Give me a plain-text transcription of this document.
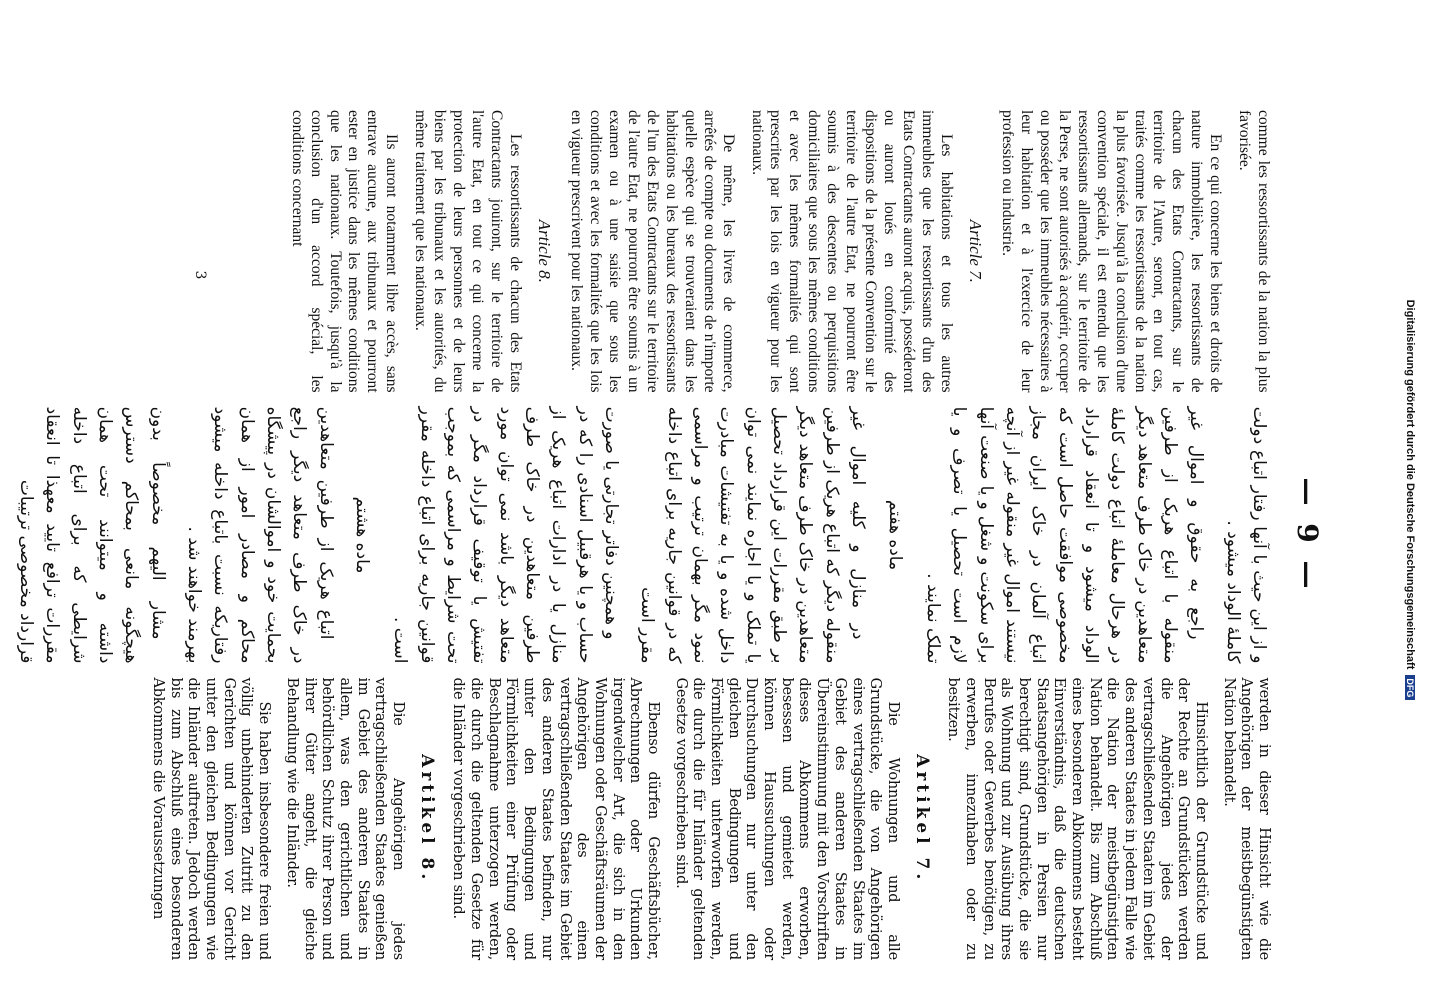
— 9 —

comme les ressortissants de la nation la plus favorisée.

En ce qui concerne les biens et droits de nature immobilière, les ressortissants de chacun des Etats Contractants, sur le territoire de l'Autre, seront, en tout cas, traités comme les ressortissants de la nation la plus favorisée. Jusqu'à la conclusion d'une convention spéciale, il est entendu que les ressortissants allemands, sur le territoire de la Perse, ne sont autorisés à acquérir, occuper ou posséder que les immeubles nécessaires à leur habitation et à l'exercice de leur profession ou industrie.

Article 7.

Les habitations et tous les autres immeubles que les ressortissants d'un des Etats Contractants auront acquis, posséderont ou auront loués en conformité des dispositions de la présente Convention sur le territoire de l'autre Etat, ne pourront être soumis à des descentes ou perquisitions domiciliaires que sous les mêmes conditions et avec les mêmes formalités qui sont prescrites par les lois en vigueur pour les nationaux.

De même, les livres de commerce, arrêtés de compte ou documents de n'importe quelle espèce qui se trouveraient dans les habitations ou les bureaux des ressortissants de l'un des Etats Contractants sur le territoire de l'autre Etat, ne pourront être soumis à un examen ou à une saisie que sous les conditions et avec les formalités que les lois en vigueur prescrivent pour les nationaux.

Article 8.

Les ressortissants de chacun des Etats Contractants jouiront, sur le territoire de l'autre Etat, en tout ce qui concerne la protection de leurs personnes et de leurs biens par les tribunaux et les autorités, du même traitement que les nationaux.

Ils auront notamment libre accès, sans entrave aucune, aux tribunaux et pourront ester en justice dans les mêmes conditions que les nationaux. Toutefois, jusqu'à la conclusion d'un accord spécial, les conditions concernant

و از این حیث با آنها رفتار اتباع دولت کاملهٔ الوداد میشود .

راجع به حقوق و اموال غیر منقوله با اتباع هریک از طرفین متعاهدین در خاک طرف متعاهد دیگر در هرحال معاملهٔ اتباع دولت کاملهٔ الوداد میشود و تا انعقاد قرارداد مخصوصی موافقت حاصل است که اتباع آلمان در خاک ایران مجاز نیستند اموال غیر منقوله غیر از آنچه برای سکونت و شغل و یا صنعت آنها لازم است تحصیل یا تصرف و یا تملک نمایند .

ماده هفتم

در منازل و کلیه اموال غیر منقوله دیگر که اتباع هریک از طرفین متعاهدین در خاک طرف متعاهد دیگر بر طبق مقررات این قرارداد تحصیل یا تملک و یا اجاره نمایند نمی توان داخل شده و یا به تفتیشات مبادرت نمود مگر بهمان ترتیب و مراسمی که در قوانین جاریه برای اتباع داخله مقرر است

و همچنین دفاتر تجارتی یا صورت حساب و یا هرقبیل اسنادی را که در منازل یا در ادارات اتباع هریک از طرفین متعاهدین در خاک طرف متعاهد دیگر باشد نمی توان مورد تفتیش یا توقیف قرارداد مگر در تحت شرایط و مراسمی که بموجب قوانین جاریه برای اتباع داخله مقرر است .

ماده هشتم

اتباع هریک از طرفین متعاهدین در خاک طرف متعاهد دیگر راجع بحمایت خود و اموالشان در پیشگاه محاکم و مصادر امور از همان رفتاریکه نسبت باتباع داخله میشود بهرمند خواهند شد .

مشار الیهم مخصوصاً بدون هیچگونه مانعی بمحاکم دسترس داشته و میتوانند تحت همان شرایطی که برای اتباع داخله مقررات ترافع تایید معهذا تا انعقاد قرارداد مخصوصی ترتیبات

werden in dieser Hinsicht wie die Angehörigen der meistbegünstigten Nation behandelt.

Hinsichtlich der Grundstücke und der Rechte an Grundstücken werden die Angehörigen jedes der vertragschließenden Staaten im Gebiet des anderen Staates in jedem Falle wie die Nation der meistbegünstigten Nation behandelt. Bis zum Abschluß eines besonderen Abkommens besteht Einverständnis, daß die deutschen Staatsangehörigen in Persien nur berechtigt sind, Grundstücke, die sie als Wohnung und zur Ausübung ihres Berufes oder Gewerbes benötigen, zu erwerben, innezuhaben oder zu besitzen.

Artikel 7.

Die Wohnungen und alle Grundstücke, die von Angehörigen eines vertragschließenden Staates im Gebiet des anderen Staates in Übereinstimmung mit den Vorschriften dieses Abkommens erworben, besessen und gemietet werden, können Haussuchungen oder Durchsuchungen nur unter den gleichen Bedingungen und Förmlichkeiten unterworfen werden, die durch die für Inländer geltenden Gesetze vorgeschrieben sind.

Ebenso dürfen Geschäftsbücher, Abrechnungen oder Urkunden irgendwelcher Art, die sich in den Wohnungen oder Geschäftsräumen der Angehörigen des einen vertragschließenden Staates im Gebiet des anderen Staates befinden, nur unter den Bedingungen und Förmlichkeiten einer Prüfung oder Beschlagnahme unterzogen werden, die durch die geltenden Gesetze für die Inländer vorgeschrieben sind.

Artikel 8.

Die Angehörigen jedes vertragschließenden Staates genießen im Gebiet des anderen Staates in allem, was den gerichtlichen und behördlichen Schutz ihrer Person und ihrer Güter angeht, die gleiche Behandlung wie die Inländer.

Sie haben insbesondere freien und völlig unbehinderten Zutritt zu den Gerichten und können vor Gericht unter den gleichen Bedingungen wie die Inländer auftreten. Jedoch werden bis zum Abschluß eines besonderen Abkommens die Voraussetzungen

3
Digitalisierung gefördert durch die Deutsche Forschungsgemeinschaft
DFG
